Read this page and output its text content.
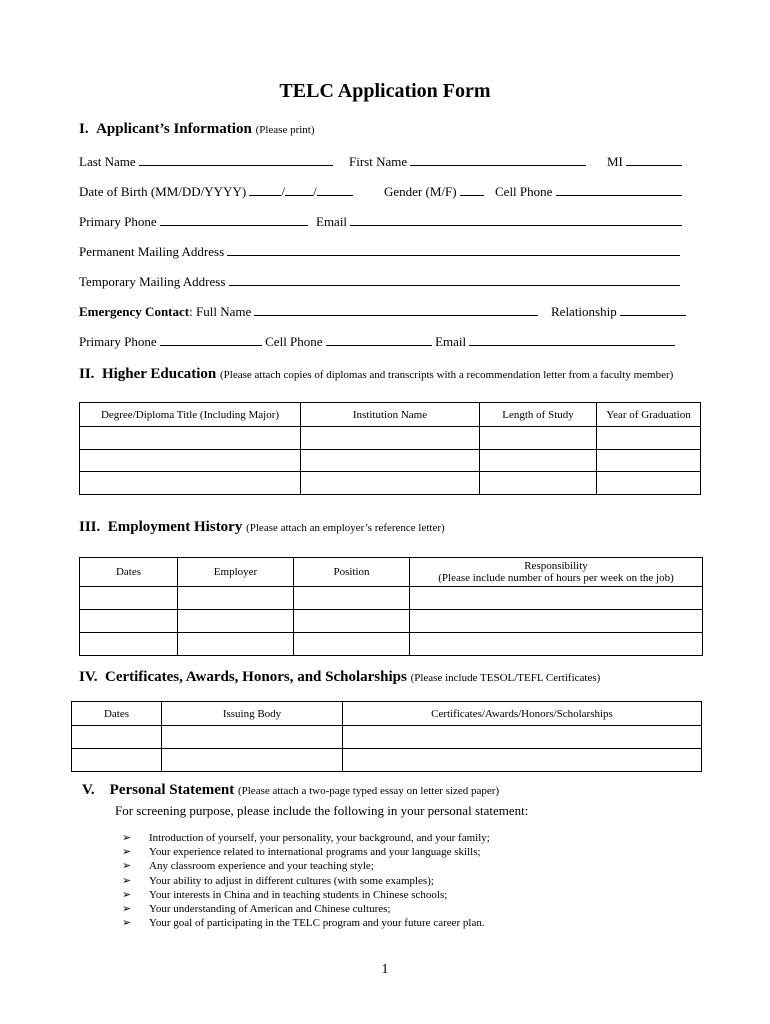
TELC Application Form
I. Applicant’s Information (Please print)
Last Name	First Name	MI
Date of Birth (MM/DD/YYYY)	/ /	Gender (M/F)	Cell Phone
Primary Phone	Email
Permanent Mailing Address
Temporary Mailing Address
Emergency Contact: Full Name	Relationship
Primary Phone	Cell Phone	Email
II. Higher Education (Please attach copies of diplomas and transcripts with a recommendation letter from a faculty member)
Degree/Diploma Title (Including Major)	Institution Name	Length of Study	Year of Graduation

III. Employment History (Please attach an employer’s reference letter)
Dates	Employer	Position	Responsibility
(Please include number of hours per week on the job)

IV. Certificates, Awards, Honors, and Scholarships (Please include TESOL/TEFL Certificates)
Dates	Issuing Body	Certificates/Awards/Honors/Scholarships

V. Personal Statement (Please attach a two-page typed essay on letter sized paper)
For screening purpose, please include the following in your personal statement:
➢ Introduction of yourself, your personality, your background, and your family;
➢ Your experience related to international programs and your language skills;
➢ Any classroom experience and your teaching style;
➢ Your ability to adjust in different cultures (with some examples);
➢ Your interests in China and in teaching students in Chinese schools;
➢ Your understanding of American and Chinese cultures;
➢ Your goal of participating in the TELC program and your future career plan.
1
